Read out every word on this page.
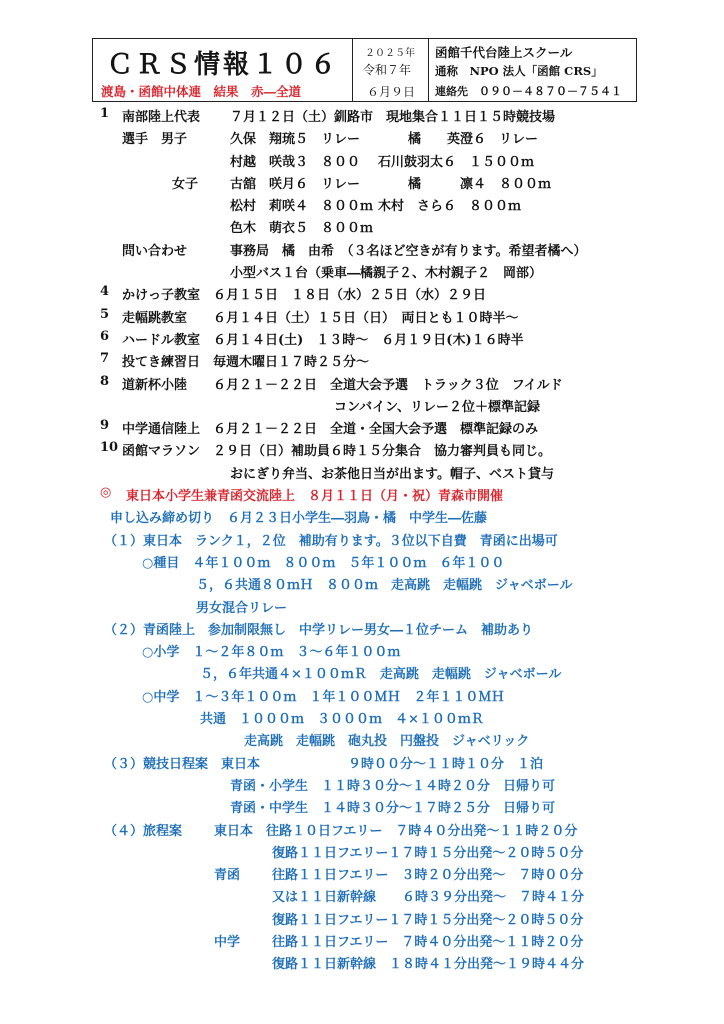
ＣＲＳ情報１０６
渡島・函館中体連　結果　赤―全道
２０２５年
令和７年
６月９日
函館千代台陸上スクール
通称　NPO 法人「函館 CRS」
連絡先　０９０－４８７０－７５４１
1 南部陸上代表 ７月１２日（土）釧路市　現地集合１１日１５時競技場
選手　男子	久保　翔琉５　リレー	橘　　英澄６　リレー
村越　咲哉３　８００ 石川鼓羽太６　１５００ｍ
女子 古舘　咲月６　リレー	橘　　　凛４　８００ｍ
松村　莉咲４　８００ｍ 木村　さら６　８００ｍ
色木　萌衣５　８００ｍ
問い合わせ	事務局　橘　由希　（３名ほど空きが有ります。希望者橘へ）
小型バス１台（乗車―橘親子２、木村親子２　岡部）
4 かけっ子教室　６月１５日　１８日（水）２５日（水）２９日
5 走幅跳教室　　６月１４日（土）１５日（日）　両日とも１０時半～
6 ハードル教室　６月１４日(土)　１３時～　６月１９日(木)１６時半
7 投てき練習日　毎週木曜日１７時２５分～
8 道新杯小陸　　６月２１－２２日　全道大会予選　トラック３位　フイルド
コンバイン、リレー２位＋標準記録
9 中学通信陸上　６月２１－２２日　全道・全国大会予選　標準記録のみ
10 函館マラソン　２９日（日）補助員６時１５分集合　協力審判員も同じ。
おにぎり弁当、お茶他日当が出ます。帽子、ベスト貸与
◎ 東日本小学生兼青函交流陸上　８月１１日（月・祝）青森市開催
申し込み締め切り　６月２３日小学生―羽鳥・橘　中学生―佐藤
（１）東日本　ランク１，２位　補助有ります。３位以下自費　青函に出場可
○種目　４年１００ｍ　８００ｍ　５年１００ｍ　６年１００
５，６共通８０ｍＨ　８００ｍ　走高跳　走幅跳　ジャベボール
男女混合リレー
（２）青函陸上　参加制限無し　中学リレー男女―１位チーム　補助あり
○小学　１～２年８０ｍ　３～６年１００ｍ
５，６年共通４×１００ｍＲ　走高跳　走幅跳　ジャベボール
○中学　１～３年１００ｍ　１年１００ＭＨ　２年１１０ＭＨ
共通　１０００ｍ　３０００ｍ　４×１００ｍＲ
走高跳　走幅跳　砲丸投　円盤投　ジャベリック
（３）競技日程案　東日本	９時００分～１１時１０分　１泊
青函・小学生　１１時３０分～１４時２０分　日帰り可
青函・中学生　１４時３０分～１７時２５分　日帰り可
（４）旅程案 東日本　往路１０日フエリー　７時４０分出発～１１時２０分
復路１１日フエリー１７時１５分出発～２０時５０分
青函 往路１１日フエリー　３時２０分出発～　７時００分
又は１１日新幹線　　６時３９分出発～　７時４１分
復路１１日フエリー１７時１５分出発～２０時５０分
中学 往路１１日フエリー　７時４０分出発～１１時２０分
復路１１日新幹線　１８時４１分出発～１９時４４分
